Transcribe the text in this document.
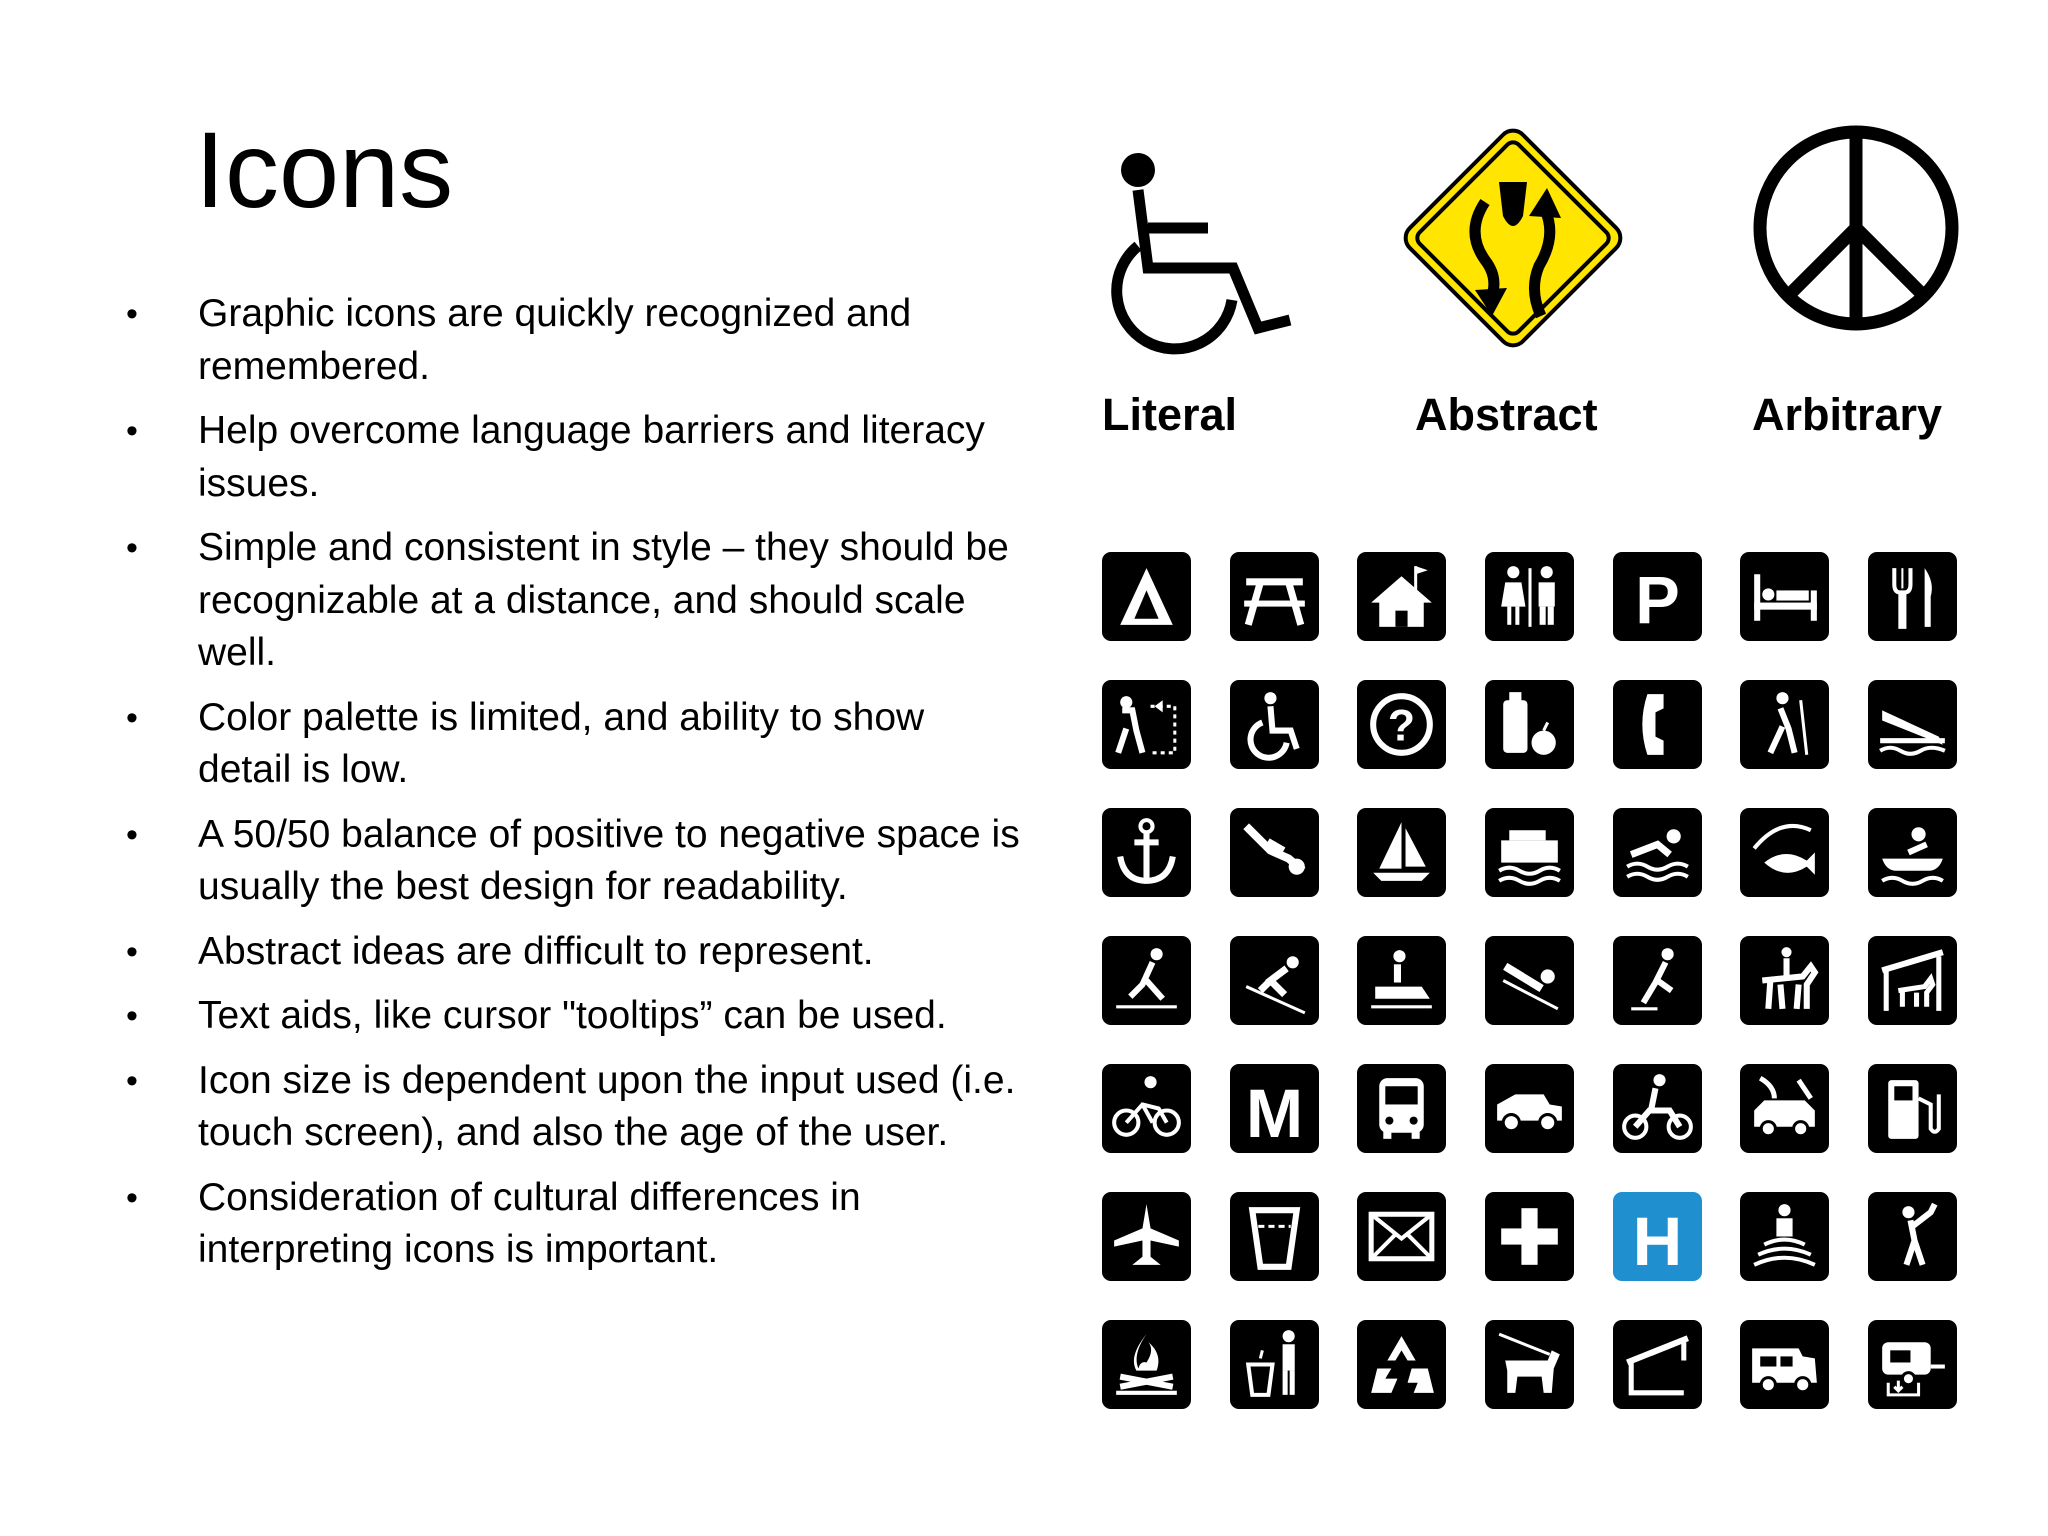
Icons
• Graphic icons are quickly recognized and remembered.
• Help overcome language barriers and literacy issues.
• Simple and consistent in style – they should be recognizable at a distance, and should scale well.
• Color palette is limited, and ability to show detail is low.
• A 50/50 balance of positive to negative space is usually the best design for readability.
• Abstract ideas are difficult to represent.
• Text aids, like cursor "tooltips” can be used.
• Icon size is dependent upon the input used (i.e. touch screen), and also the age of the user.
• Consideration of cultural differences in interpreting icons is important.
Literal	Abstract	Arbitrary
P
?
M
H
